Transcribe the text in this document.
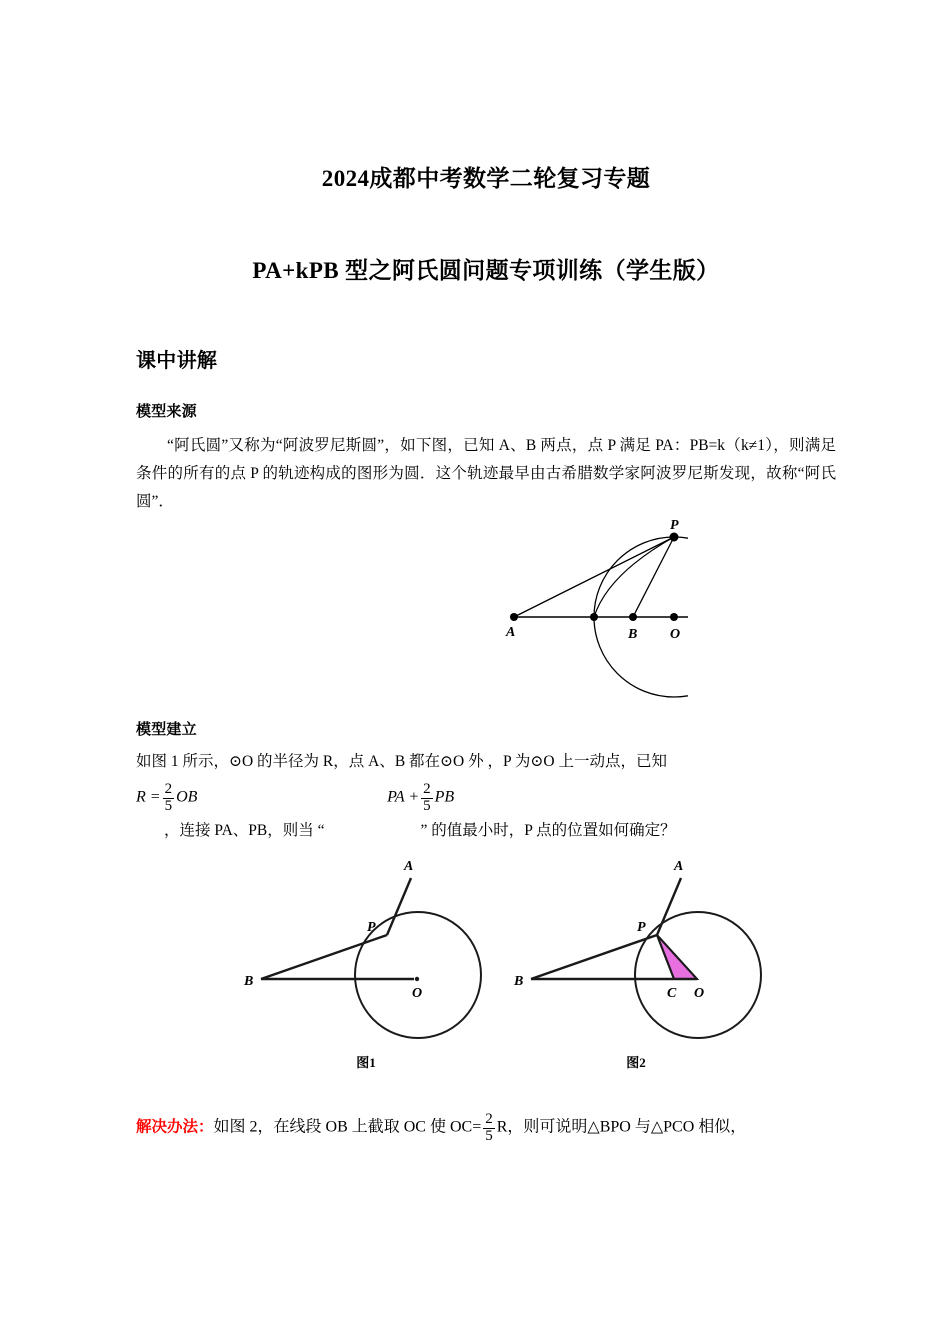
2024成都中考数学二轮复习专题
PA+kPB 型之阿氏圆问题专项训练（学生版）
课中讲解
模型来源
“阿氏圆”又称为“阿波罗尼斯圆”，如下图，已知 A、B 两点，点 P 满足 PA：PB=k（k≠1），则满足条件的所有的点 P 的轨迹构成的图形为圆．这个轨迹最早由古希腊数学家阿波罗尼斯发现，故称“阿氏圆”．
A	B O
P
模型建立
如图 1 所示，⊙O 的半径为 R，点 A、B 都在⊙O 外 ，P 为⊙O 上一动点，已知
$R = \frac{2}{5}$ OB	PA + $\frac{2}{5}$ PB
，连接 PA、PB，则当 “	” 的值最小时，P 点的位置如何确定？
B
O
P
A
图1
B
C O
P
A
图2
解决办法：如图 2，在线段 OB 上截取 OC 使 $OC= \frac{2}{5}$ R，则可说明△BPO 与△PCO 相似，
